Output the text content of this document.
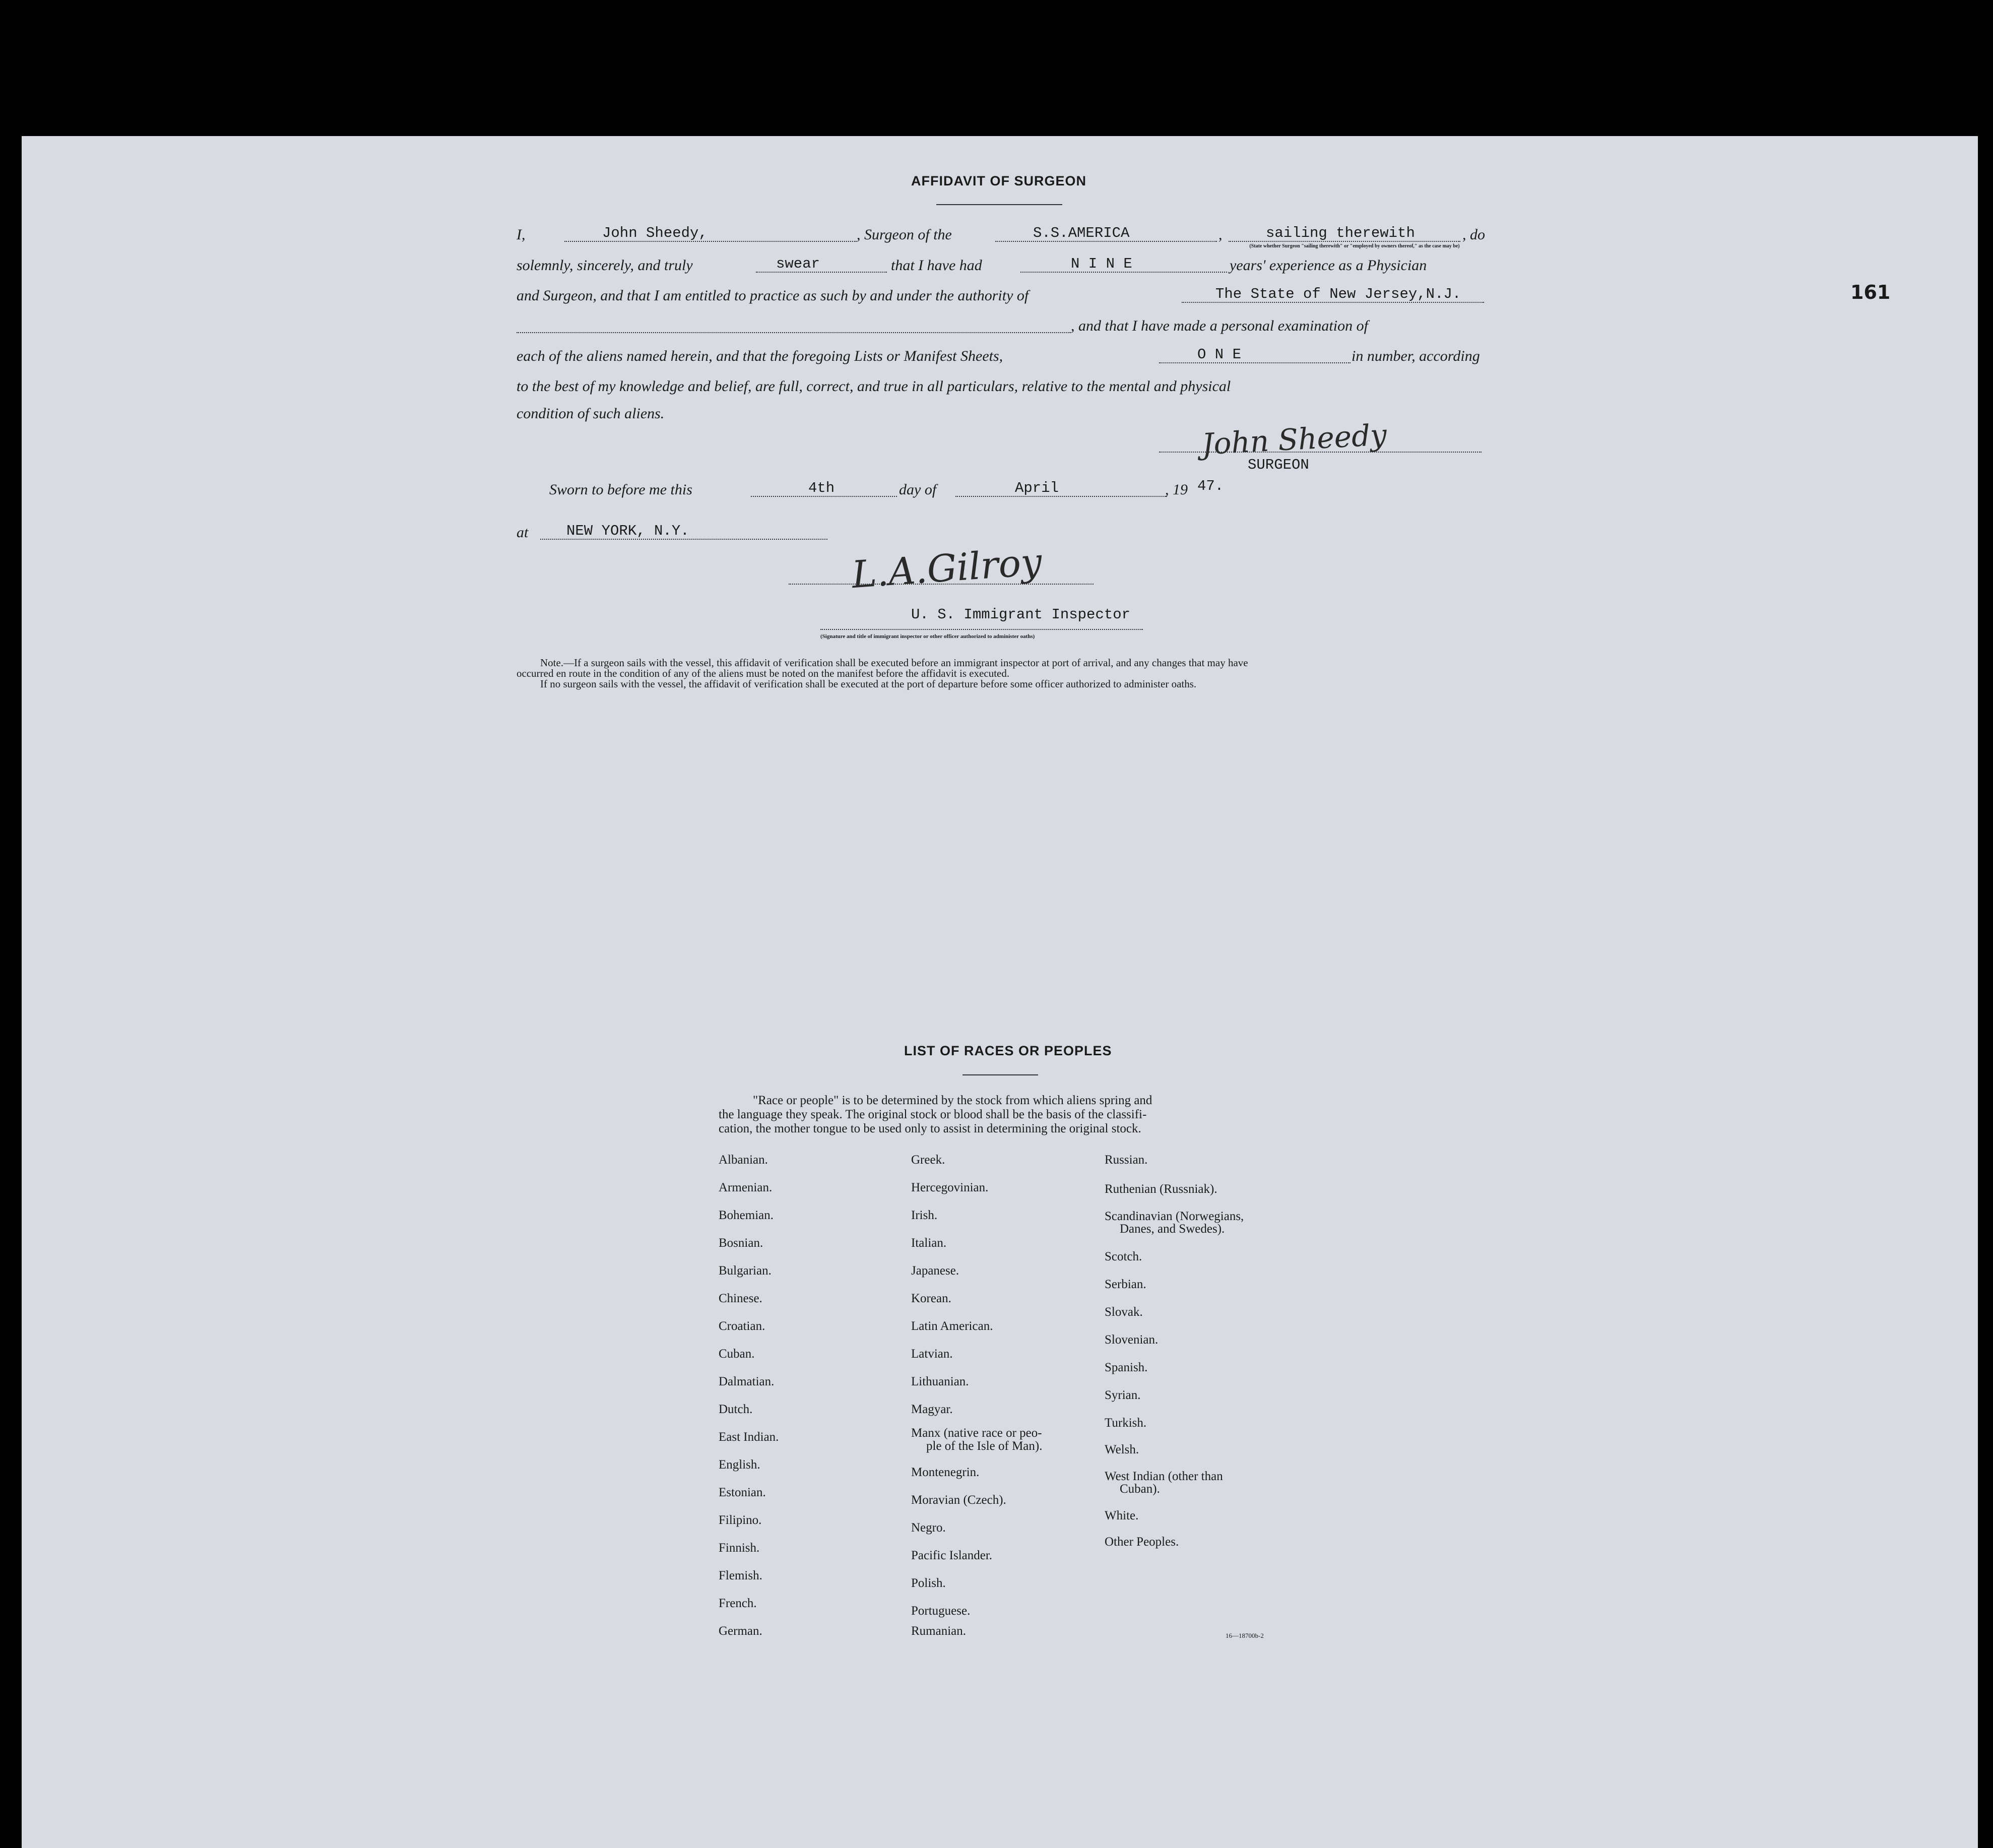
AFFIDAVIT OF SURGEON
161
I,	John Sheedy,	, Surgeon of the	S.S.AMERICA	,	sailing therewith	, do
(State whether Surgeon "sailing therewith" or "employed by owners thereof," as the case may be)
solemnly, sincerely, and truly	swear	that I have had	N I N E	years' experience as a Physician
and Surgeon, and that I am entitled to practice as such by and under the authority of	The State of New Jersey,N.J.
, and that I have made a personal examination of
each of the aliens named herein, and that the foregoing Lists or Manifest Sheets,	O N E	in number, according
to the best of my knowledge and belief, are full, correct, and true in all particulars, relative to the mental and physical
condition of such aliens.
John Sheedy
SURGEON
Sworn to before me this	4th	day of	April	, 19 47.
at	NEW YORK, N.Y.
L.A.Gilroy
U. S. Immigrant Inspector
(Signature and title of immigrant inspector or other officer authorized to administer oaths)
Note.—If a surgeon sails with the vessel, this affidavit of verification shall be executed before an immigrant inspector at port of arrival, and any changes that may have
occurred en route in the condition of any of the aliens must be noted on the manifest before the affidavit is executed.
If no surgeon sails with the vessel, the affidavit of verification shall be executed at the port of departure before some officer authorized to administer oaths.
LIST OF RACES OR PEOPLES
"Race or people" is to be determined by the stock from which aliens spring and
the language they speak. The original stock or blood shall be the basis of the classifi-
cation, the mother tongue to be used only to assist in determining the original stock.
Albanian.
Armenian.
Bohemian.
Bosnian.
Bulgarian.
Chinese.
Croatian.
Cuban.
Dalmatian.
Dutch.
East Indian.
English.
Estonian.
Filipino.
Finnish.
Flemish.
French.
German.
Greek.
Hercegovinian.
Irish.
Italian.
Japanese.
Korean.
Latin American.
Latvian.
Lithuanian.
Magyar.
Manx (native race or peo-
ple of the Isle of Man).
Montenegrin.
Moravian (Czech).
Negro.
Pacific Islander.
Polish.
Portuguese.
Rumanian.
Russian.
Ruthenian (Russniak).
Scandinavian (Norwegians,
Danes, and Swedes).
Scotch.
Serbian.
Slovak.
Slovenian.
Spanish.
Syrian.
Turkish.
Welsh.
West Indian (other than
Cuban).
White.
Other Peoples.
16—18700b-2
